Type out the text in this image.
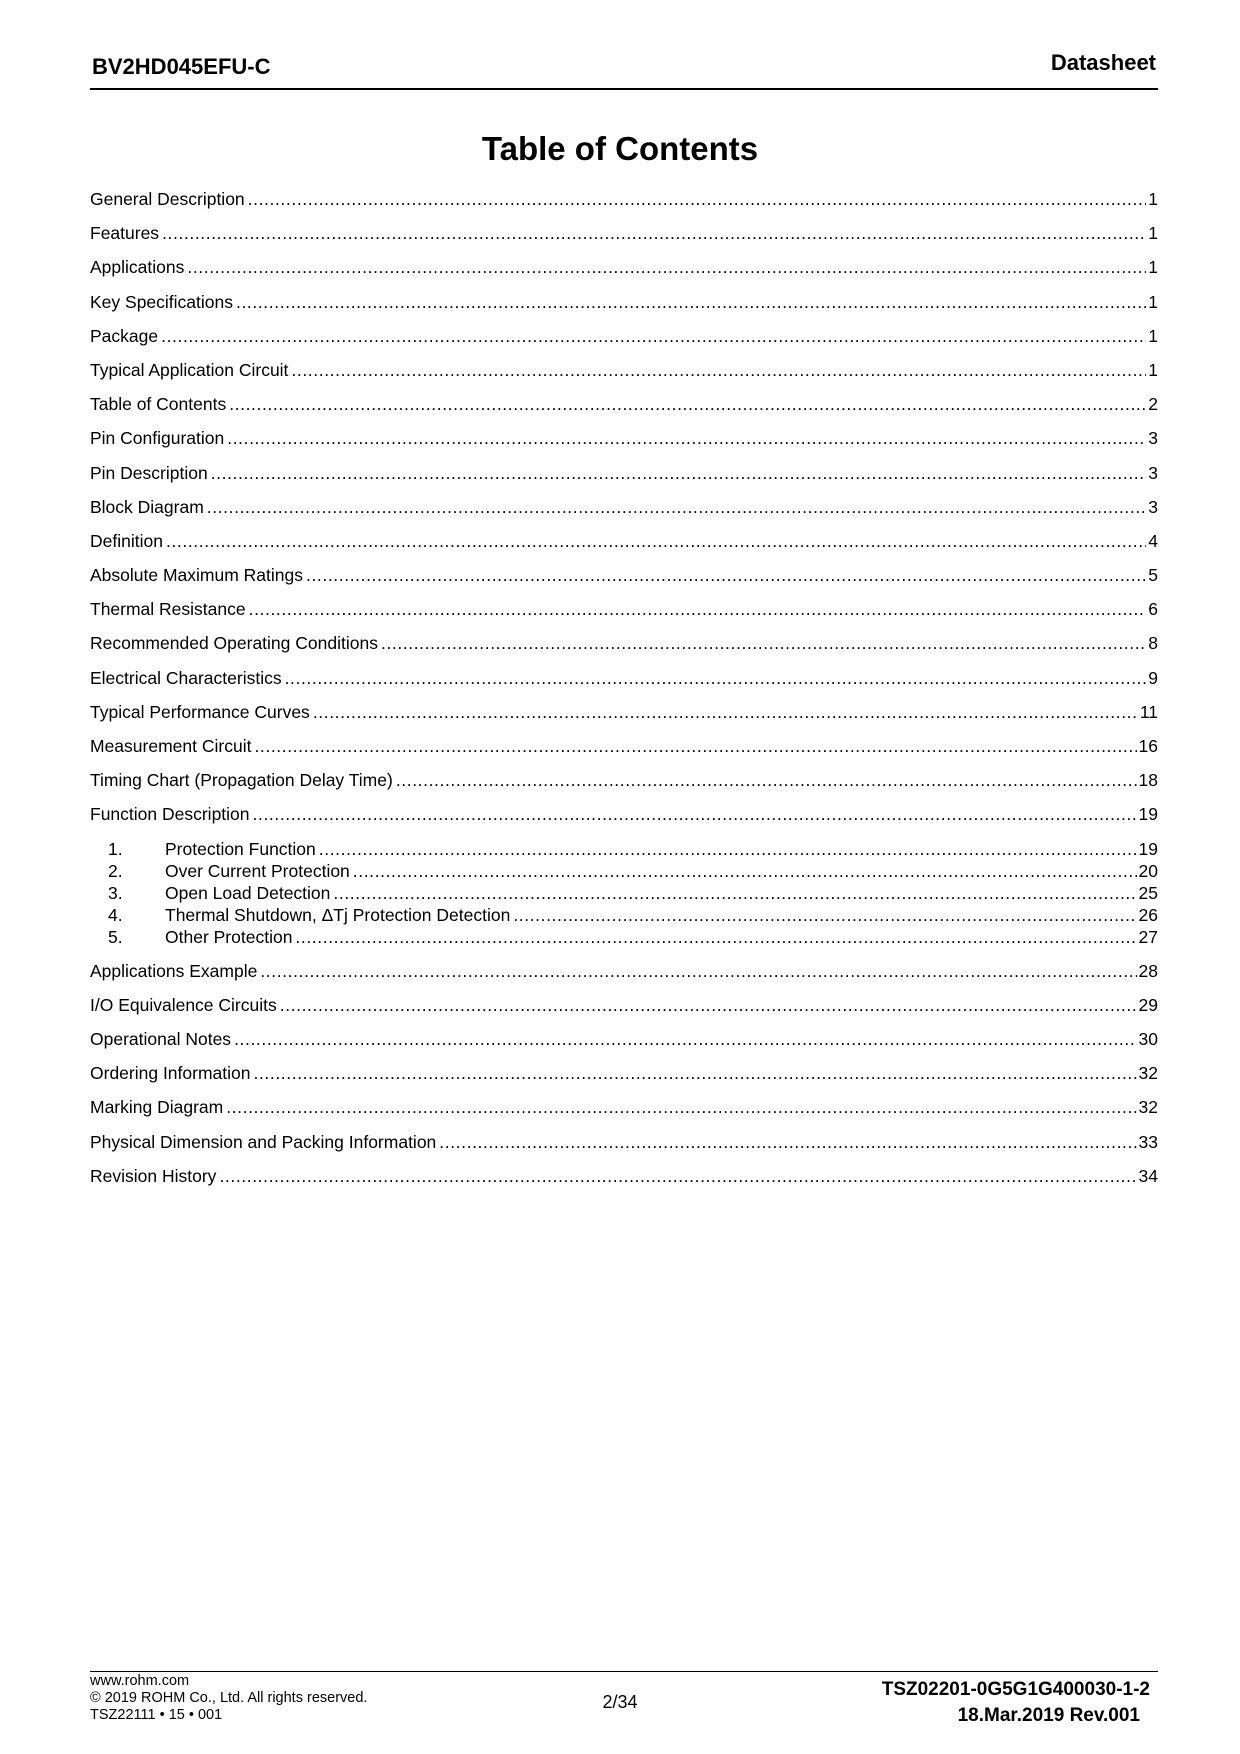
BV2HD045EFU-C	Datasheet
Table of Contents
General Description .....	1
Features .....	1
Applications .....	1
Key Specifications .....	1
Package .....	1
Typical Application Circuit .....	1
Table of Contents .....	2
Pin Configuration .....	3
Pin Description .....	3
Block Diagram .....	3
Definition .....	4
Absolute Maximum Ratings .....	5
Thermal Resistance .....	6
Recommended Operating Conditions .....	8
Electrical Characteristics .....	9
Typical Performance Curves .....	11
Measurement Circuit .....	16
Timing Chart (Propagation Delay Time) .....	18
Function Description .....	19
1.	Protection Function .....	19
2.	Over Current Protection .....	20
3.	Open Load Detection .....	25
4.	Thermal Shutdown, ΔTj Protection Detection .....	26
5.	Other Protection .....	27
Applications Example .....	28
I/O Equivalence Circuits .....	29
Operational Notes .....	30
Ordering Information .....	32
Marking Diagram .....	32
Physical Dimension and Packing Information .....	33
Revision History .....	34
www.rohm.com
© 2019 ROHM Co., Ltd. All rights reserved.
TSZ22111 • 15 • 001
2/34
TSZ02201-0G5G1G400030-1-2
18.Mar.2019 Rev.001
